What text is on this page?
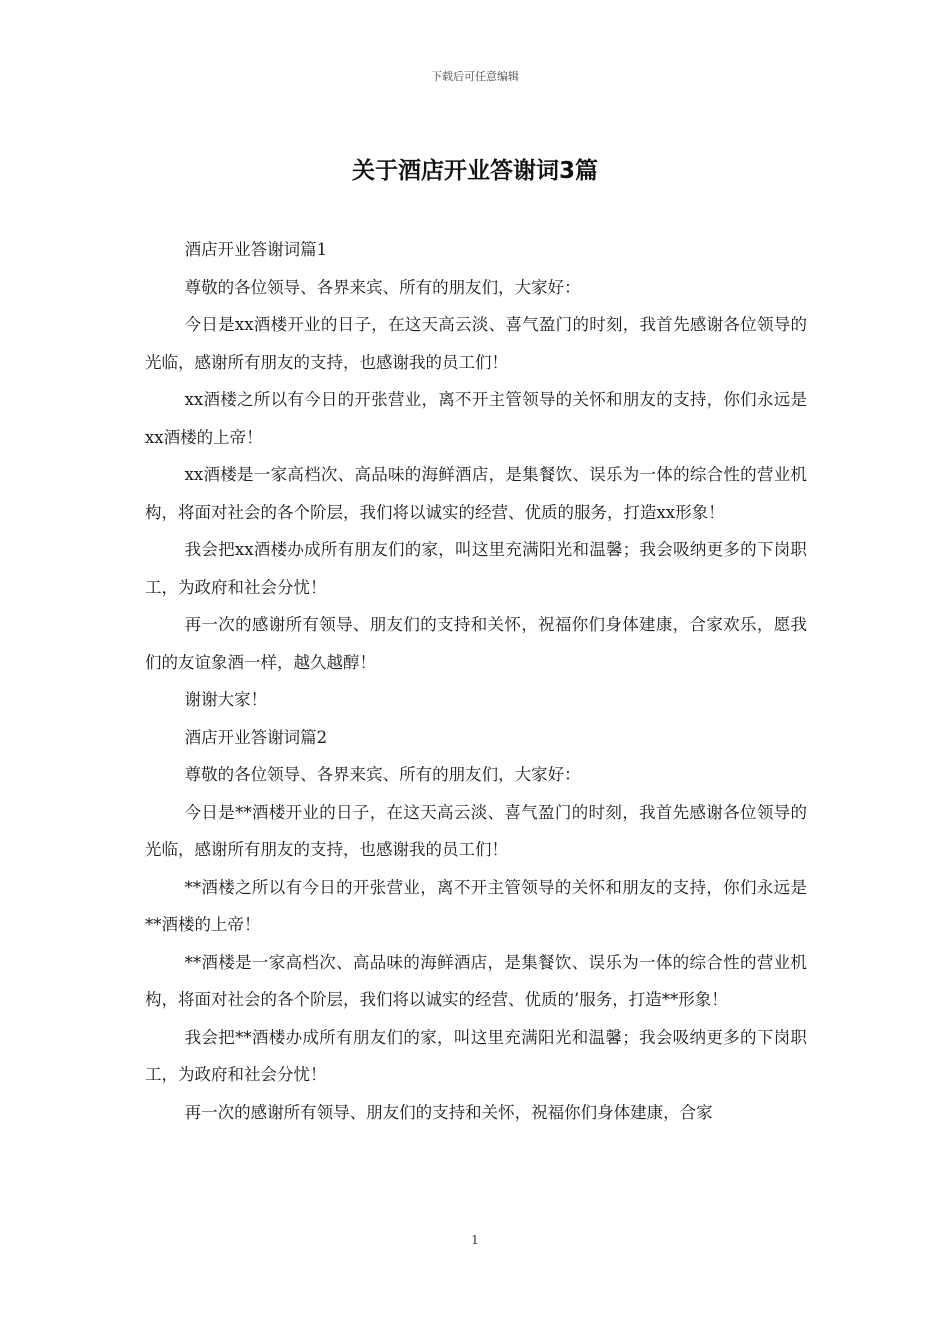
下载后可任意编辑
关于酒店开业答谢词3篇

酒店开业答谢词篇1

尊敬的各位领导、各界来宾、所有的朋友们，大家好：

今日是xx酒楼开业的日子，在这天高云淡、喜气盈门的时刻，我首先感谢各位领导的光临，感谢所有朋友的支持，也感谢我的员工们！

xx酒楼之所以有今日的开张营业，离不开主管领导的关怀和朋友的支持，你们永远是xx酒楼的上帝！

xx酒楼是一家高档次、高品味的海鲜酒店，是集餐饮、误乐为一体的综合性的营业机构，将面对社会的各个阶层，我们将以诚实的经营、优质的服务，打造xx形象！

我会把xx酒楼办成所有朋友们的家，叫这里充满阳光和温馨；我会吸纳更多的下岗职工，为政府和社会分忧！

再一次的感谢所有领导、朋友们的支持和关怀，祝福你们身体建康，合家欢乐，愿我们的友谊象酒一样，越久越醇！

谢谢大家！

酒店开业答谢词篇2

尊敬的各位领导、各界来宾、所有的朋友们，大家好：

今日是**酒楼开业的日子，在这天高云淡、喜气盈门的时刻，我首先感谢各位领导的光临，感谢所有朋友的支持，也感谢我的员工们！

**酒楼之所以有今日的开张营业，离不开主管领导的关怀和朋友的支持，你们永远是**酒楼的上帝！

**酒楼是一家高档次、高品味的海鲜酒店，是集餐饮、误乐为一体的综合性的营业机构，将面对社会的各个阶层，我们将以诚实的经营、优质的’服务，打造**形象！

我会把**酒楼办成所有朋友们的家，叫这里充满阳光和温馨；我会吸纳更多的下岗职工，为政府和社会分忧！

再一次的感谢所有领导、朋友们的支持和关怀，祝福你们身体建康，合家

1
